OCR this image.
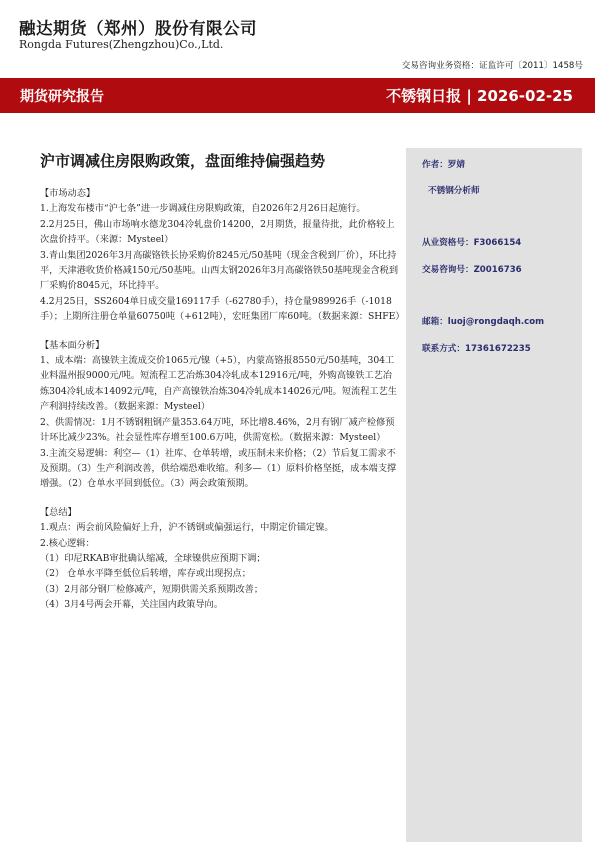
融达期货（郑州）股份有限公司
Rongda Futures(Zhengzhou)Co.,Ltd.
交易咨询业务资格：证监许可〔2011〕1458号
期货研究报告	不锈钢日报 | 2026-02-25
沪市调减住房限购政策，盘面维持偏强趋势	作者：罗婧
不锈钢分析师
从业资格号：F3066154
交易咨询号：Z0016736
邮箱：luoj@rongdaqh.com
联系方式：17361672235

【市场动态】

1.上海发布楼市“沪七条”进一步调减住房限购政策，自2026年2月26日起施行。

2.2月25日，佛山市场响水德龙304冷轧盘价14200，2月期货，报量待批，此价格较上次盘价持平。（来源：Mysteel）

3.青山集团2026年3月高碳铬铁长协采购价8245元/50基吨（现金含税到厂价），环比持平，天津港收货价格减150元/50基吨。山西太钢2026年3月高碳铬铁50基吨现金含税到厂采购价8045元，环比持平。

4.2月25日，SS2604单日成交量169117手（-62780手），持仓量989926手（-1018手）；上期所注册仓单量60750吨（+612吨），宏旺集团厂库60吨。（数据来源：SHFE）

【基本面分析】

1、成本端：高镍铁主流成交价1065元/镍（+5），内蒙高铬报8550元/50基吨，304工业料温州报9000元/吨。短流程工艺冶炼304冷轧成本12916元/吨，外购高镍铁工艺冶炼304冷轧成本14092元/吨，自产高镍铁冶炼304冷轧成本14026元/吨。短流程工艺生产利润持续改善。（数据来源：Mysteel）

2、供需情况：1月不锈钢粗钢产量353.64万吨，环比增8.46%，2月有钢厂减产检修预计环比减少23%。社会显性库存增至100.6万吨，供需宽松。（数据来源：Mysteel）

3.主流交易逻辑：利空—（1）社库、仓单转增，或压制未来价格；（2）节后复工需求不及预期。（3）生产利润改善，供给端恐难收缩。利多—（1）原料价格坚挺，成本端支撑增强。（2）仓单水平回到低位。（3）两会政策预期。

【总结】

1.观点：两会前风险偏好上升，沪不锈钢或偏强运行，中期定价锚定镍。

2.核心逻辑：

（1）印尼RKAB审批确认缩减，全球镍供应预期下调；

（2） 仓单水平降至低位后转增，库存或出现拐点；

（3）2月部分钢厂检修减产，短期供需关系预期改善；

（4）3月4号两会开幕，关注国内政策导向。
